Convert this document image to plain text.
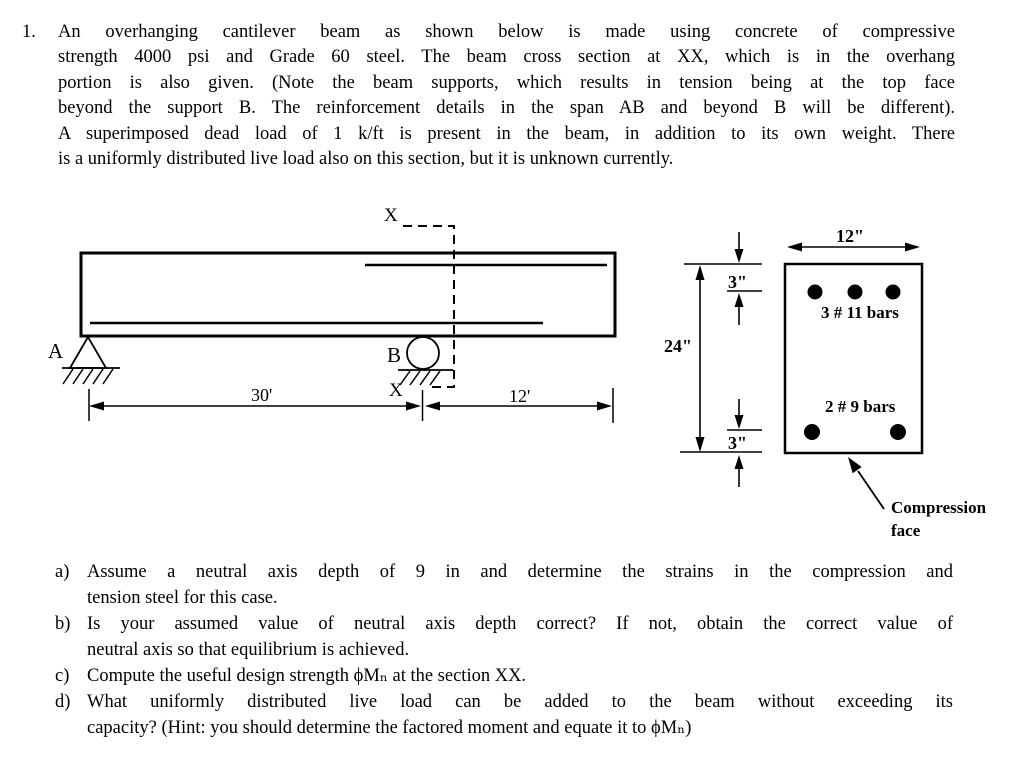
1. An overhanging cantilever beam as shown below is made using concrete of compressive
strength 4000 psi and Grade 60 steel. The beam cross section at XX, which is in the overhang
portion is also given. (Note the beam supports, which results in tension being at the top face
beyond the support B. The reinforcement details in the span AB and beyond B will be different).
A superimposed dead load of 1 k/ft is present in the beam, in addition to its own weight. There
is a uniformly distributed live load also on this section, but it is unknown currently.
A	B
X
X
30'	12'
12"
24"
3"
3"
3 # 11 bars
2 # 9 bars
Compression
face
a) Assume a neutral axis depth of 9 in and determine the strains in the compression and
tension steel for this case.
b) Is your assumed value of neutral axis depth correct? If not, obtain the correct value of
neutral axis so that equilibrium is achieved.
c) Compute the useful design strength ϕMₙ at the section XX.
d) What uniformly distributed live load can be added to the beam without exceeding its
capacity? (Hint: you should determine the factored moment and equate it to ϕMₙ)
